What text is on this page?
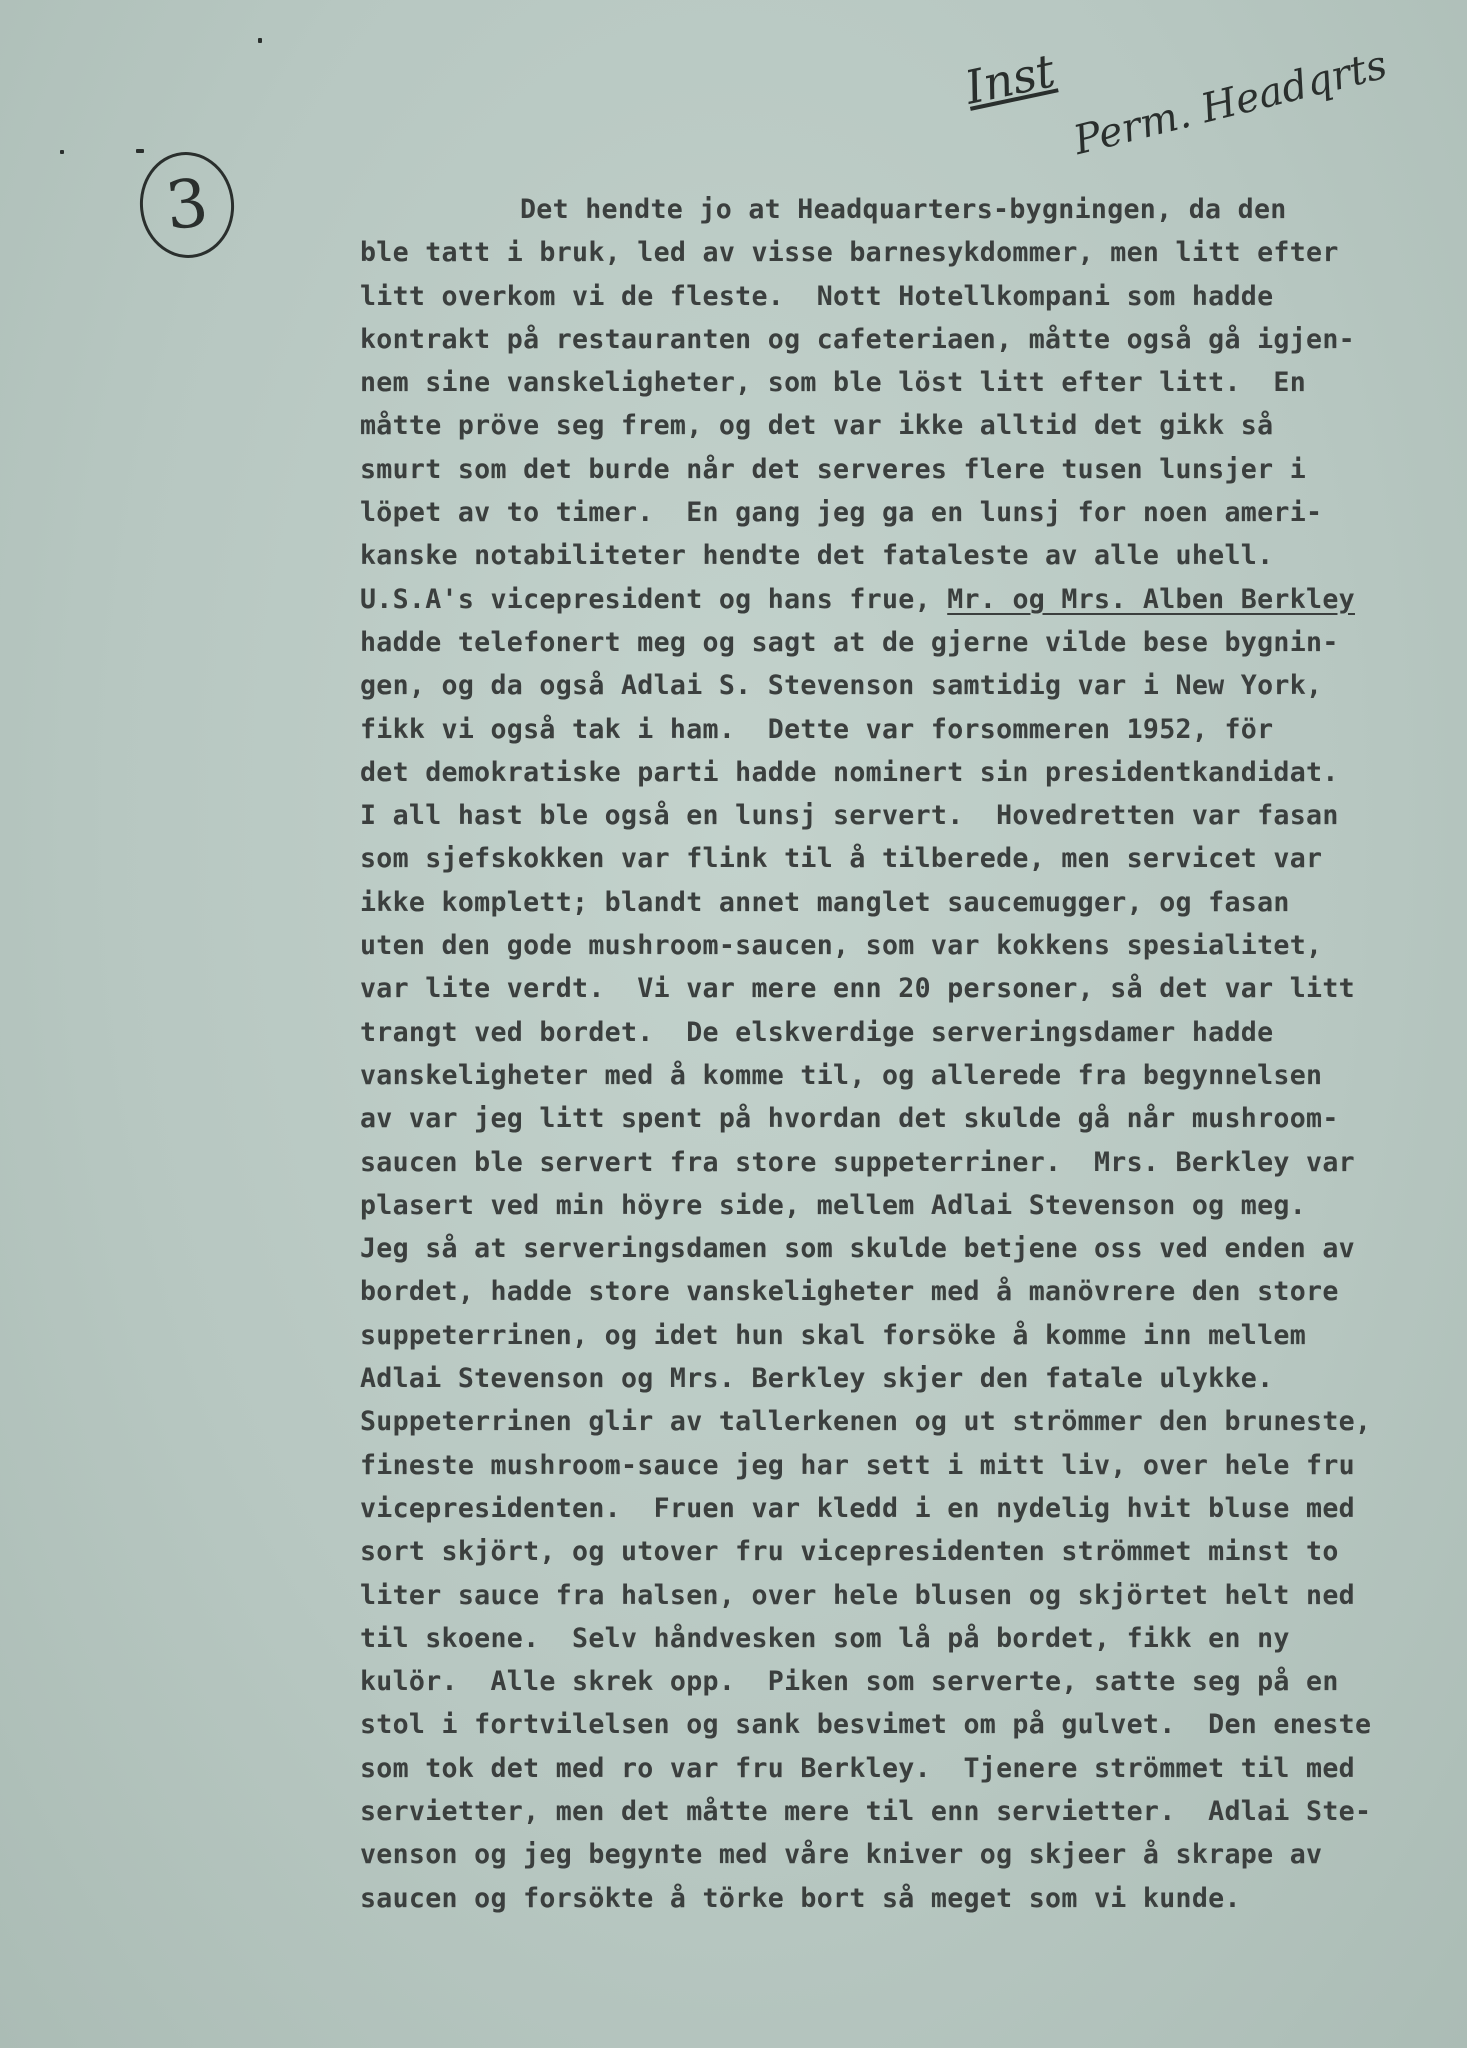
Inst Perm. Headqrts
3	Det hendte jo at Headquarters-bygningen, da den
ble tatt i bruk, led av visse barnesykdommer, men litt efter
litt overkom vi de fleste.  Nott Hotellkompani som hadde
kontrakt på restauranten og cafeteriaen, måtte også gå igjen-
nem sine vanskeligheter, som ble löst litt efter litt.  En
måtte pröve seg frem, og det var ikke alltid det gikk så
smurt som det burde når det serveres flere tusen lunsjer i
löpet av to timer.  En gang jeg ga en lunsj for noen ameri-
kanske notabiliteter hendte det fataleste av alle uhell.
U.S.A's vicepresident og hans frue, Mr. og Mrs. Alben Berkley
hadde telefonert meg og sagt at de gjerne vilde bese bygnin-
gen, og da også Adlai S. Stevenson samtidig var i New York,
fikk vi også tak i ham.  Dette var forsommeren 1952, för
det demokratiske parti hadde nominert sin presidentkandidat.
I all hast ble også en lunsj servert.  Hovedretten var fasan
som sjefskokken var flink til å tilberede, men servicet var
ikke komplett; blandt annet manglet saucemugger, og fasan
uten den gode mushroom-saucen, som var kokkens spesialitet,
var lite verdt.  Vi var mere enn 20 personer, så det var litt
trangt ved bordet.  De elskverdige serveringsdamer hadde
vanskeligheter med å komme til, og allerede fra begynnelsen
av var jeg litt spent på hvordan det skulde gå når mushroom-
saucen ble servert fra store suppeterriner.  Mrs. Berkley var
plasert ved min höyre side, mellem Adlai Stevenson og meg.
Jeg så at serveringsdamen som skulde betjene oss ved enden av
bordet, hadde store vanskeligheter med å manövrere den store
suppeterrinen, og idet hun skal forsöke å komme inn mellem
Adlai Stevenson og Mrs. Berkley skjer den fatale ulykke.
Suppeterrinen glir av tallerkenen og ut strömmer den bruneste,
fineste mushroom-sauce jeg har sett i mitt liv, over hele fru
vicepresidenten.  Fruen var kledd i en nydelig hvit bluse med
sort skjört, og utover fru vicepresidenten strömmet minst to
liter sauce fra halsen, over hele blusen og skjörtet helt ned
til skoene.  Selv håndvesken som lå på bordet, fikk en ny
kulör.  Alle skrek opp.  Piken som serverte, satte seg på en
stol i fortvilelsen og sank besvimet om på gulvet.  Den eneste
som tok det med ro var fru Berkley.  Tjenere strömmet til med
servietter, men det måtte mere til enn servietter.  Adlai Ste-
venson og jeg begynte med våre kniver og skjeer å skrape av
saucen og forsökte å törke bort så meget som vi kunde.
